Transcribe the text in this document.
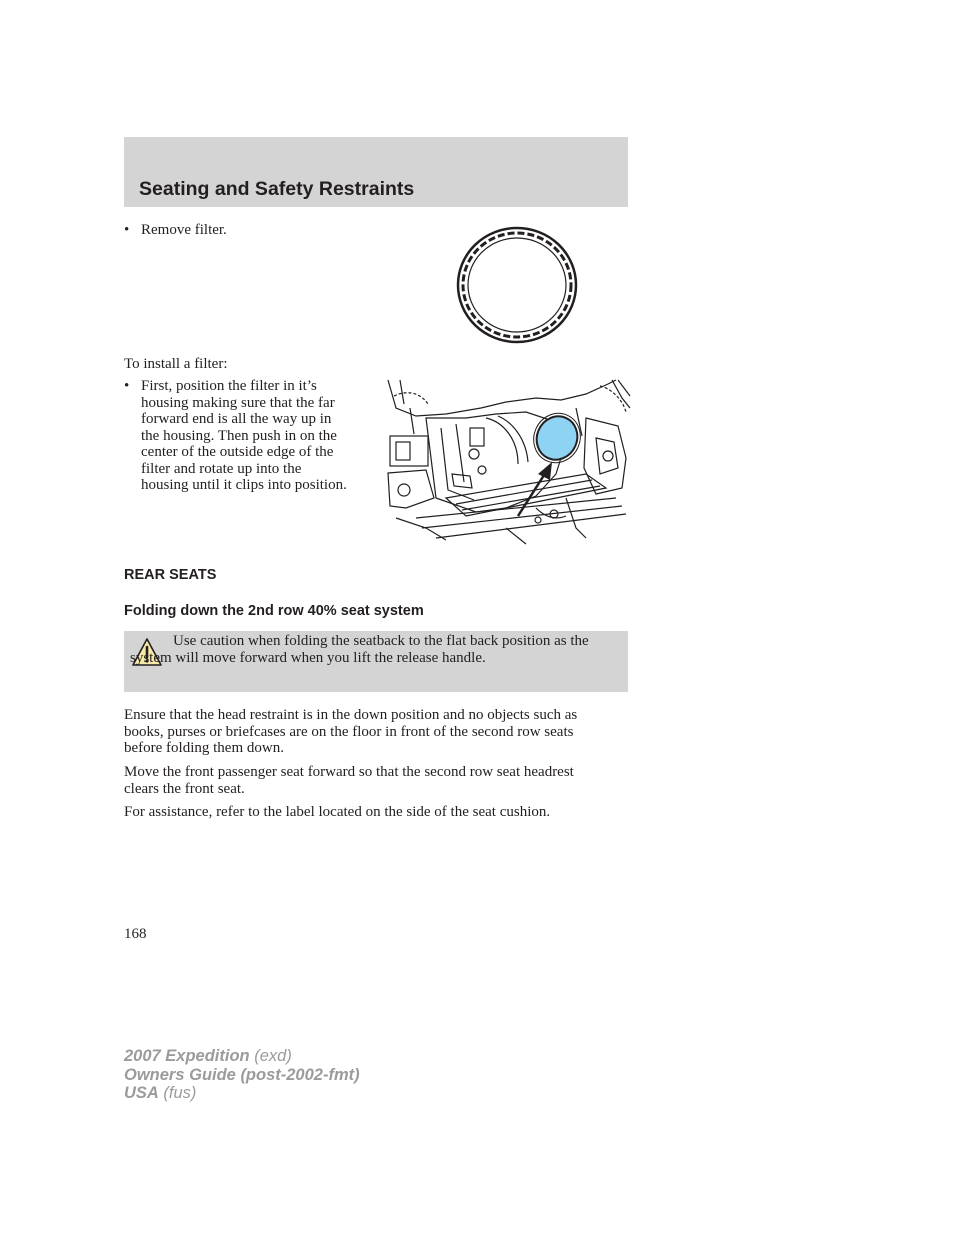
Seating and Safety Restraints
• Remove filter.

To install a filter:

• First, position the filter in it’s
housing making sure that the far
forward end is all the way up in
the housing. Then push in on the
center of the outside edge of the
filter and rotate up into the
housing until it clips into position.
REAR SEATS
Folding down the 2nd row 40% seat system

Use caution when folding the seatback to the flat back position as the system will move forward when you lift the release handle.

Ensure that the head restraint is in the down position and no objects such as books, purses or briefcases are on the floor in front of the second row seats before folding them down.

Move the front passenger seat forward so that the second row seat headrest clears the front seat.

For assistance, refer to the label located on the side of the seat cushion.

168
2007 Expedition (exd)
Owners Guide (post-2002-fmt)
USA (fus)
